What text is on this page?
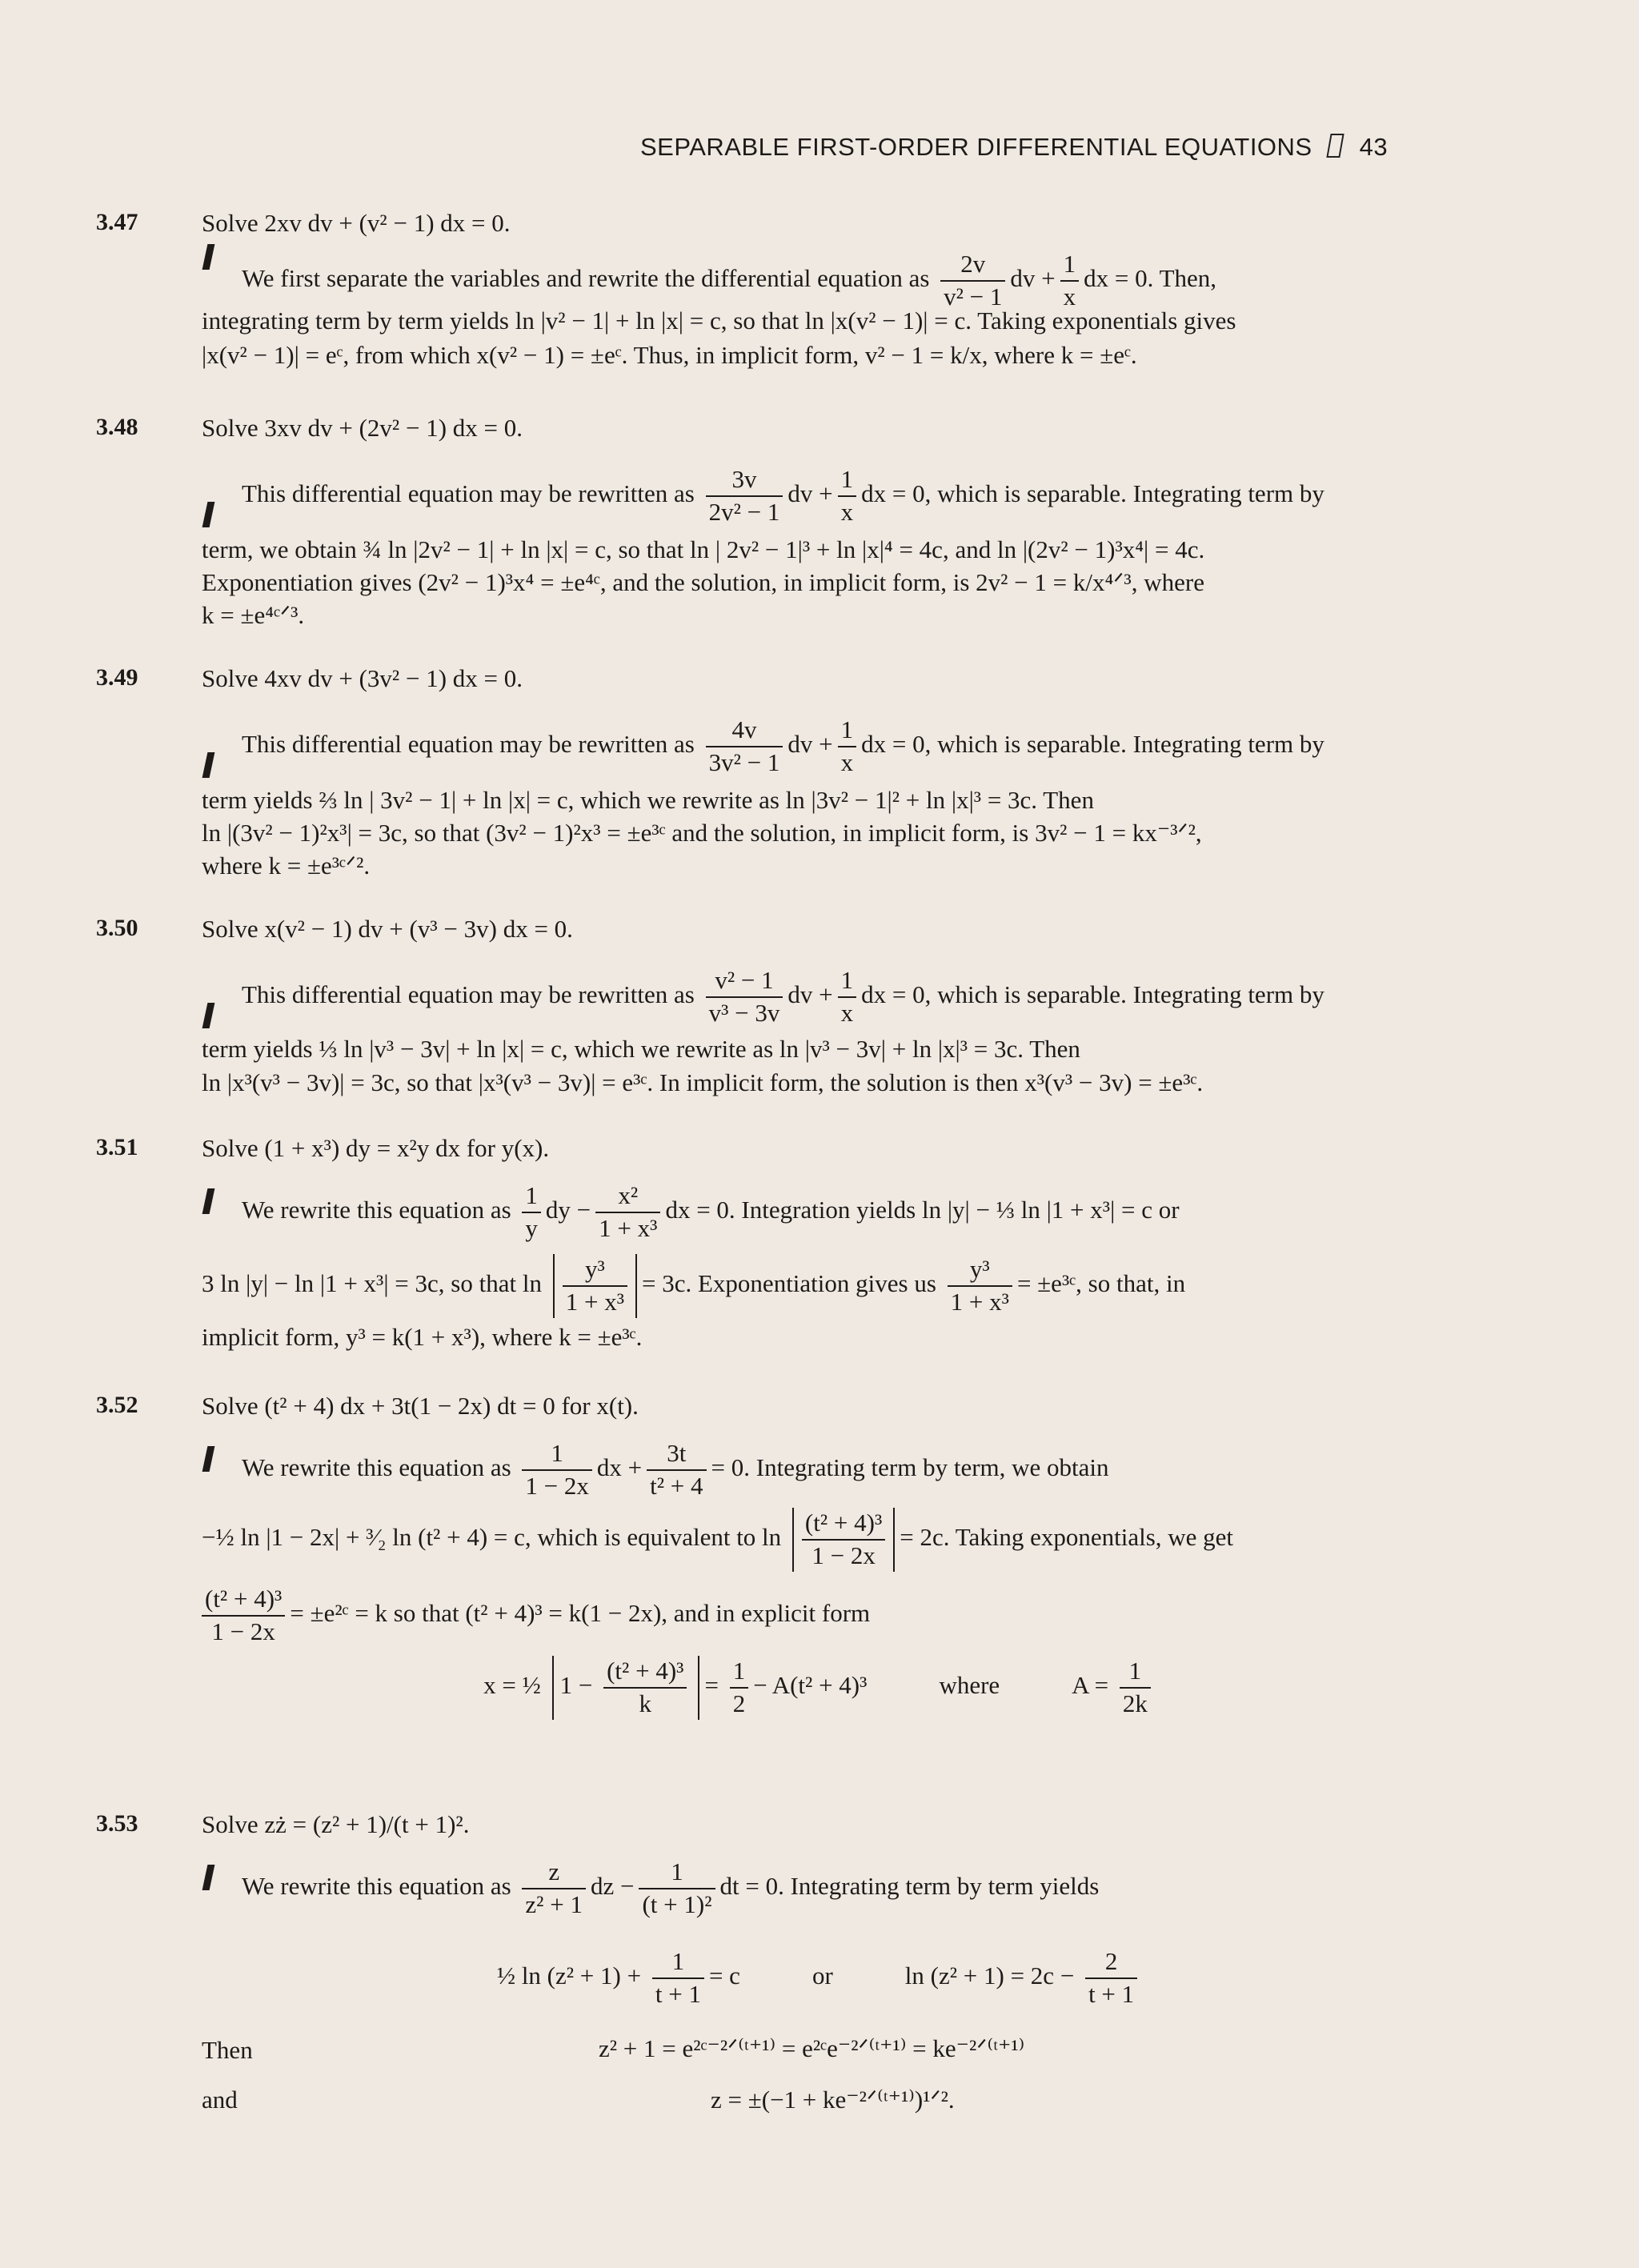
SEPARABLE FIRST-ORDER DIFFERENTIAL EQUATIONS 43
3.47	Solve 2xv dv + (v² − 1) dx = 0.
We first separate the variables and rewrite the differential equation as $\frac{2v}{\text{v² − 1}}$ dv + $\frac{1}{x}$ dx = 0. Then,
integrating term by term yields ln |v² − 1| + ln |x| = c, so that ln |x(v² − 1)| = c. Taking exponentials gives
|x(v² − 1)| = eᶜ, from which x(v² − 1) = ±eᶜ. Thus, in implicit form, v² − 1 = k/x, where k = ±eᶜ.
3.48	Solve 3xv dv + (2v² − 1) dx = 0.
This differential equation may be rewritten as $\frac{3v}{\text{2v² − 1}}$ dv + $\frac{1}{x}$ dx = 0, which is separable. Integrating term by
term, we obtain ¾ ln |2v² − 1| + ln |x| = c, so that ln | 2v² − 1|³ + ln |x|⁴ = 4c, and ln |(2v² − 1)³x⁴| = 4c.
Exponentiation gives (2v² − 1)³x⁴ = ±e⁴ᶜ, and the solution, in implicit form, is 2v² − 1 = k/x⁴ᐟ³, where
k = ±e⁴ᶜᐟ³.
3.49	Solve 4xv dv + (3v² − 1) dx = 0.
This differential equation may be rewritten as $\frac{4v}{\text{3v² − 1}}$ dv + $\frac{1}{x}$ dx = 0, which is separable. Integrating term by
term yields ⅔ ln | 3v² − 1| + ln |x| = c, which we rewrite as ln |3v² − 1|² + ln |x|³ = 3c. Then
ln |(3v² − 1)²x³| = 3c, so that (3v² − 1)²x³ = ±e³ᶜ and the solution, in implicit form, is 3v² − 1 = kx⁻³ᐟ²,
where k = ±e³ᶜᐟ².
3.50	Solve x(v² − 1) dv + (v³ − 3v) dx = 0.
This differential equation may be rewritten as $\frac{\text{v² − 1}}{\text{v³ − 3v}}$ dv + $\frac{1}{x}$ dx = 0, which is separable. Integrating term by
term yields ⅓ ln |v³ − 3v| + ln |x| = c, which we rewrite as ln |v³ − 3v| + ln |x|³ = 3c. Then
ln |x³(v³ − 3v)| = 3c, so that |x³(v³ − 3v)| = e³ᶜ. In implicit form, the solution is then x³(v³ − 3v) = ±e³ᶜ.
3.51	Solve (1 + x³) dy = x²y dx for y(x).
We rewrite this equation as $\frac{1}{y}$ dy − $\frac{\text{x²}}{\text{1 + x³}}$ dx = 0. Integration yields ln |y| − ⅓ ln |1 + x³| = c or
3 ln |y| − ln |1 + x³| = 3c, so that $\ln \frac{\text{y³}}{\text{1 + x³}} = 3c$. Exponentiation gives us $\frac{\text{y³}}{\text{1 + x³}}$ = ±e³ᶜ, so that, in
implicit form, y³ = k(1 + x³), where k = ±e³ᶜ.
3.52	Solve (t² + 4) dx + 3t(1 − 2x) dt = 0 for x(t).
We rewrite this equation as $\frac{1}{1 - 2x}$ dx + $\frac{3t}{\text{t² + 4}} = 0$. Integrating term by term, we obtain
−½ ln |1 − 2x| + ³⁄₂ ln (t² + 4) = c, which is equivalent to $\ln \frac{\text{(t² + 4)³}}{1 - 2x} = 2c$. Taking exponentials, we get
$\frac{\text{(t² + 4)³}}{1 - 2x}$ = ±e²ᶜ = k so that (t² + 4)³ = k(1 − 2x), and in explicit form
x = ½ $1 - \frac{\text{(t² + 4)³}}{k} = \frac{1}{2} - A(t^2 + 4)^3$	where	$A = \frac{1}{2k}$
3.53	Solve zż = (z² + 1)/(t + 1)².
We rewrite this equation as $\frac{z}{\text{z² + 1}}$ dz − $\frac{1}{\text{(t + 1)²}}$ dt = 0. Integrating term by term yields
½ $\ln (z^2 + 1) + \frac{1}{t + 1} = c$	or	$\ln (z^2 + 1) = 2c - \frac{2}{t + 1}$
Then	z² + 1 = e²ᶜ⁻²ᐟ⁽ᵗ⁺¹⁾ = e²ᶜe⁻²ᐟ⁽ᵗ⁺¹⁾ = ke⁻²ᐟ⁽ᵗ⁺¹⁾
and	z = ±(−1 + ke⁻²ᐟ⁽ᵗ⁺¹⁾)¹ᐟ².
